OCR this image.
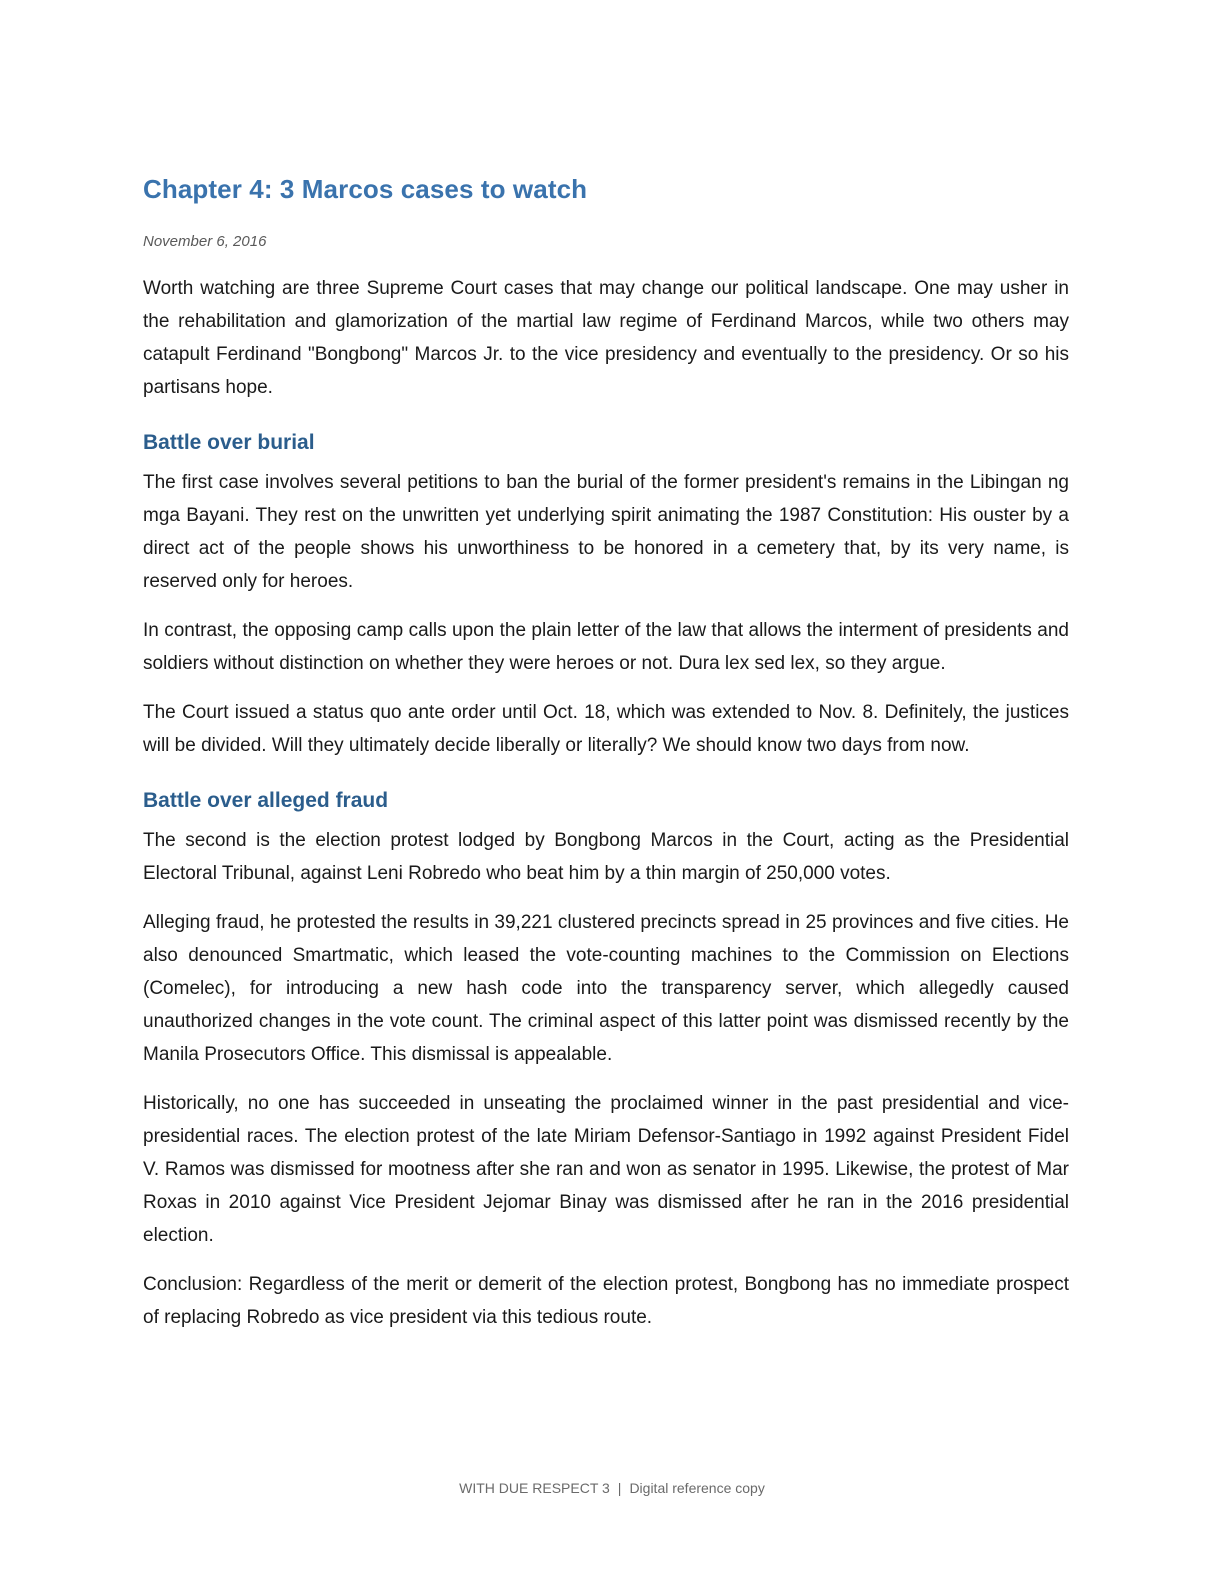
Chapter 4: 3 Marcos cases to watch
November 6, 2016

Worth watching are three Supreme Court cases that may change our political landscape. One may usher in the rehabilitation and glamorization of the martial law regime of Ferdinand Marcos, while two others may catapult Ferdinand "Bongbong" Marcos Jr. to the vice presidency and eventually to the presidency. Or so his partisans hope.

Battle over burial

The first case involves several petitions to ban the burial of the former president's remains in the Libingan ng mga Bayani. They rest on the unwritten yet underlying spirit animating the 1987 Constitution: His ouster by a direct act of the people shows his unworthiness to be honored in a cemetery that, by its very name, is reserved only for heroes.

In contrast, the opposing camp calls upon the plain letter of the law that allows the interment of presidents and soldiers without distinction on whether they were heroes or not. Dura lex sed lex, so they argue.

The Court issued a status quo ante order until Oct. 18, which was extended to Nov. 8. Definitely, the justices will be divided. Will they ultimately decide liberally or literally? We should know two days from now.

Battle over alleged fraud

The second is the election protest lodged by Bongbong Marcos in the Court, acting as the Presidential Electoral Tribunal, against Leni Robredo who beat him by a thin margin of 250,000 votes.

Alleging fraud, he protested the results in 39,221 clustered precincts spread in 25 provinces and five cities. He also denounced Smartmatic, which leased the vote-counting machines to the Commission on Elections (Comelec), for introducing a new hash code into the transparency server, which allegedly caused unauthorized changes in the vote count. The criminal aspect of this latter point was dismissed recently by the Manila Prosecutors Office. This dismissal is appealable.

Historically, no one has succeeded in unseating the proclaimed winner in the past presidential and vice-presidential races. The election protest of the late Miriam Defensor-Santiago in 1992 against President Fidel V. Ramos was dismissed for mootness after she ran and won as senator in 1995. Likewise, the protest of Mar Roxas in 2010 against Vice President Jejomar Binay was dismissed after he ran in the 2016 presidential election.

Conclusion: Regardless of the merit or demerit of the election protest, Bongbong has no immediate prospect of replacing Robredo as vice president via this tedious route.

WITH DUE RESPECT 3 | Digital reference copy
